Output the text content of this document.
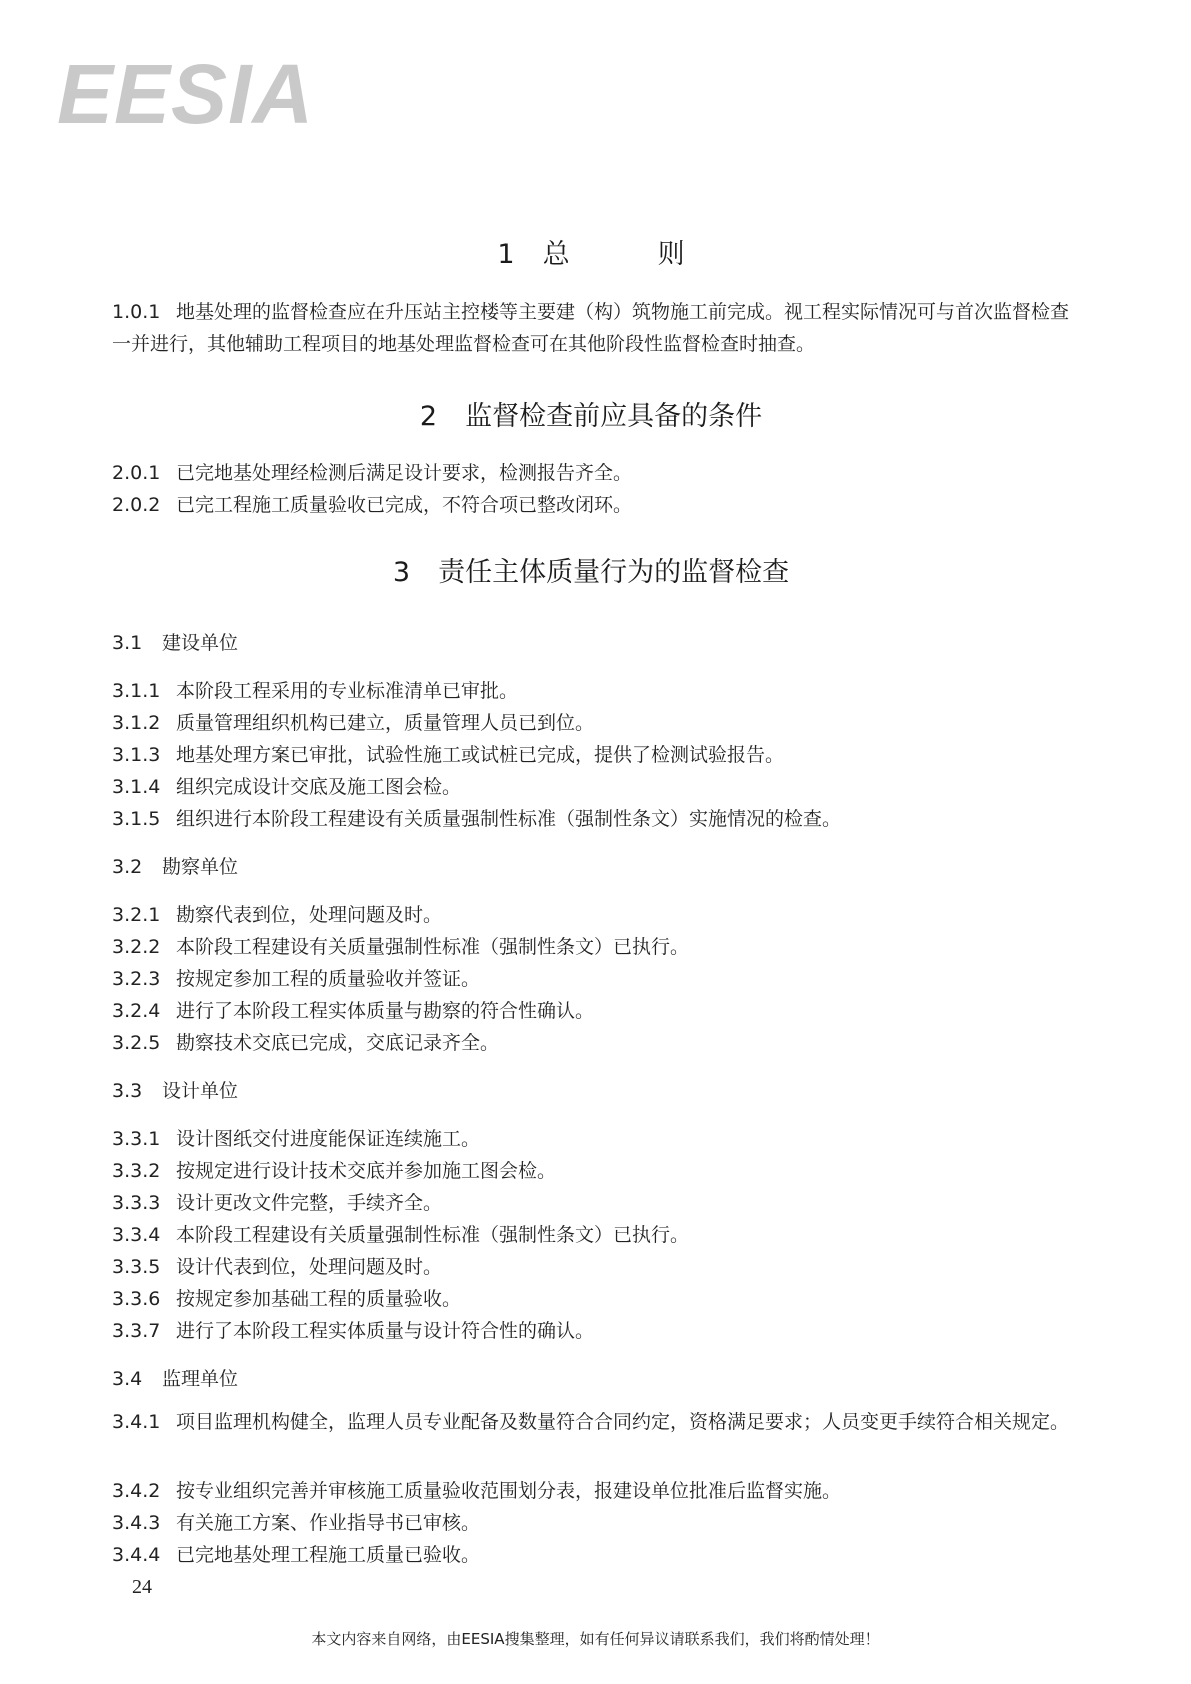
EESIA
1 总	则
1.0.1 地基处理的监督检查应在升压站主控楼等主要建（构）筑物施工前完成。视工程实际情况可与首次监督检查一并进行，其他辅助工程项目的地基处理监督检查可在其他阶段性监督检查时抽查。
2 监督检查前应具备的条件
2.0.1 已完地基处理经检测后满足设计要求，检测报告齐全。
2.0.2 已完工程施工质量验收已完成，不符合项已整改闭环。
3 责任主体质量行为的监督检查
3.1 建设单位
3.1.1 本阶段工程采用的专业标准清单已审批。
3.1.2 质量管理组织机构已建立，质量管理人员已到位。
3.1.3 地基处理方案已审批，试验性施工或试桩已完成，提供了检测试验报告。
3.1.4 组织完成设计交底及施工图会检。
3.1.5 组织进行本阶段工程建设有关质量强制性标准（强制性条文）实施情况的检查。
3.2 勘察单位
3.2.1 勘察代表到位，处理问题及时。
3.2.2 本阶段工程建设有关质量强制性标准（强制性条文）已执行。
3.2.3 按规定参加工程的质量验收并签证。
3.2.4 进行了本阶段工程实体质量与勘察的符合性确认。
3.2.5 勘察技术交底已完成，交底记录齐全。
3.3 设计单位
3.3.1 设计图纸交付进度能保证连续施工。
3.3.2 按规定进行设计技术交底并参加施工图会检。
3.3.3 设计更改文件完整，手续齐全。
3.3.4 本阶段工程建设有关质量强制性标准（强制性条文）已执行。
3.3.5 设计代表到位，处理问题及时。
3.3.6 按规定参加基础工程的质量验收。
3.3.7 进行了本阶段工程实体质量与设计符合性的确认。
3.4 监理单位
3.4.1 项目监理机构健全，监理人员专业配备及数量符合合同约定，资格满足要求；人员变更手续符合相关规定。
3.4.2 按专业组织完善并审核施工质量验收范围划分表，报建设单位批准后监督实施。
3.4.3 有关施工方案、作业指导书已审核。
3.4.4 已完地基处理工程施工质量已验收。
24
本文内容来自网络，由EESIA搜集整理，如有任何异议请联系我们，我们将酌情处理！
